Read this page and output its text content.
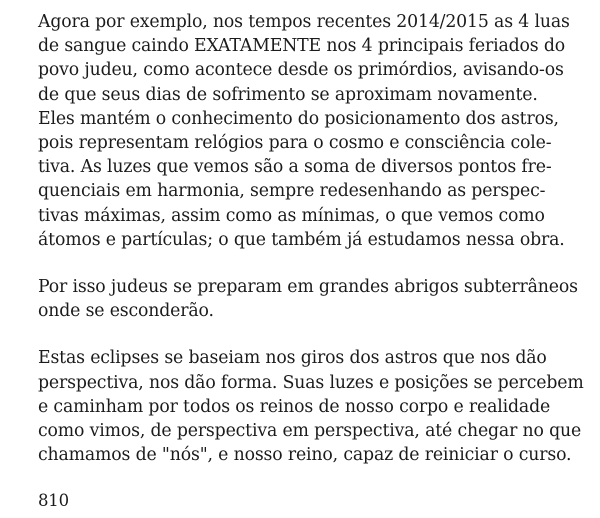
Agora por exemplo, nos tempos recentes 2014/2015 as 4 luas
de sangue caindo EXATAMENTE nos 4 principais feriados do
povo judeu, como acontece desde os primórdios, avisando-os
de que seus dias de sofrimento se aproximam novamente.
Eles mantém o conhecimento do posicionamento dos astros,
pois representam relógios para o cosmo e consciência cole-
tiva. As luzes que vemos são a soma de diversos pontos fre-
quenciais em harmonia, sempre redesenhando as perspec-
tivas máximas, assim como as mínimas, o que vemos como
átomos e partículas; o que também já estudamos nessa obra.
Por isso judeus se preparam em grandes abrigos subterrâneos
onde se esconderão.
Estas eclipses se baseiam nos giros dos astros que nos dão
perspectiva, nos dão forma. Suas luzes e posições se percebem
e caminham por todos os reinos de nosso corpo e realidade
como vimos, de perspectiva em perspectiva, até chegar no que
chamamos de "nós", e nosso reino, capaz de reiniciar o curso.
810
